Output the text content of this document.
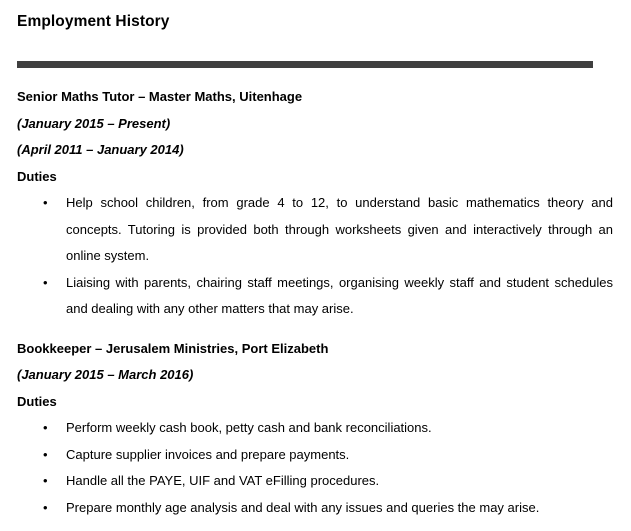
Employment History
Senior Maths Tutor – Master Maths, Uitenhage
(January 2015 – Present)
(April 2011 – January 2014)
Duties
• Help school children, from grade 4 to 12, to understand basic mathematics theory and concepts. Tutoring is provided both through worksheets given and interactively through an online system.
• Liaising with parents, chairing staff meetings, organising weekly staff and student schedules and dealing with any other matters that may arise.
Bookkeeper – Jerusalem Ministries, Port Elizabeth
(January 2015 – March 2016)
Duties
• Perform weekly cash book, petty cash and bank reconciliations.
• Capture supplier invoices and prepare payments.
• Handle all the PAYE, UIF and VAT eFilling procedures.
• Prepare monthly age analysis and deal with any issues and queries the may arise.
